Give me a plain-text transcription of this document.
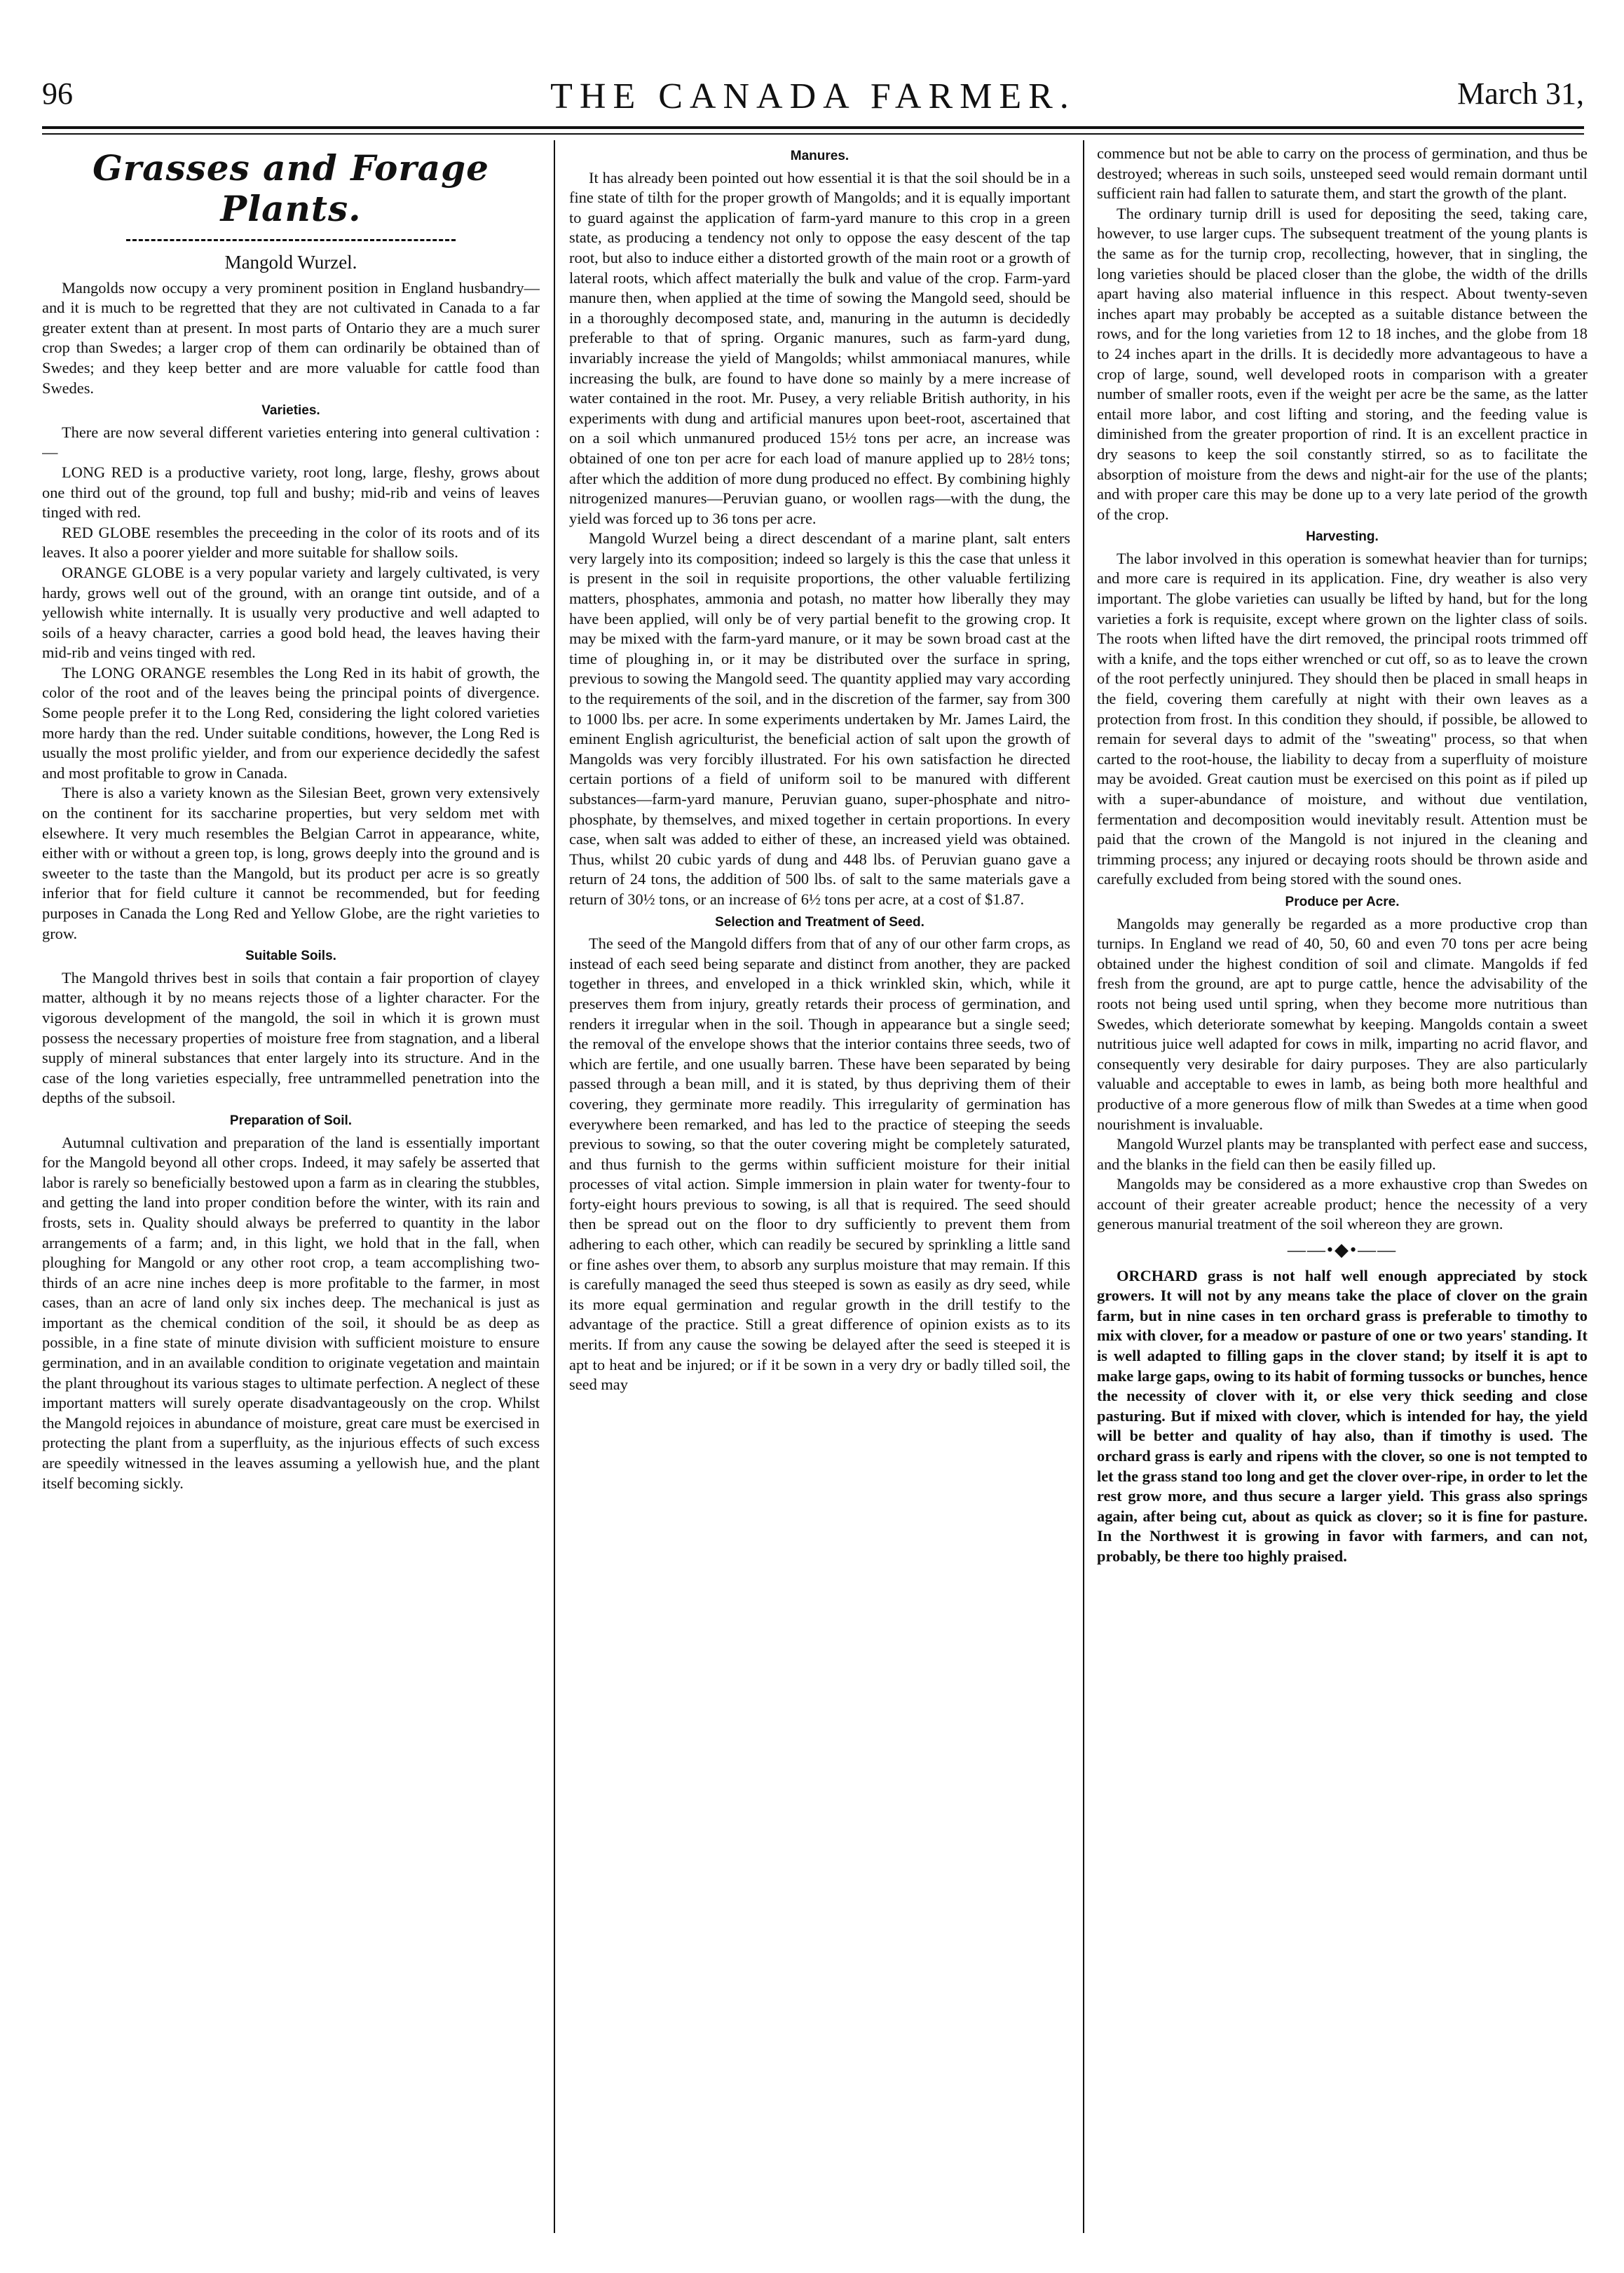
96	THE CANADA FARMER.	March 31,
Grasses and Forage Plants.
Mangold Wurzel.

Mangolds now occupy a very prominent position in England husbandry—and it is much to be regretted that they are not cultivated in Canada to a far greater extent than at present. In most parts of Ontario they are a much surer crop than Swedes; a larger crop of them can ordinarily be obtained than of Swedes; and they keep better and are more valuable for cattle food than Swedes.

Varieties.

There are now several different varieties entering into general cultivation :—

LONG RED is a productive variety, root long, large, fleshy, grows about one third out of the ground, top full and bushy; mid-rib and veins of leaves tinged with red.

RED GLOBE resembles the preceeding in the color of its roots and of its leaves. It also a poorer yielder and more suitable for shallow soils.

ORANGE GLOBE is a very popular variety and largely cultivated, is very hardy, grows well out of the ground, with an orange tint outside, and of a yellowish white internally. It is usually very productive and well adapted to soils of a heavy character, carries a good bold head, the leaves having their mid-rib and veins tinged with red.

The LONG ORANGE resembles the Long Red in its habit of growth, the color of the root and of the leaves being the principal points of divergence. Some people prefer it to the Long Red, considering the light colored varieties more hardy than the red. Under suitable conditions, however, the Long Red is usually the most prolific yielder, and from our experience decidedly the safest and most profitable to grow in Canada.

There is also a variety known as the Silesian Beet, grown very extensively on the continent for its saccharine properties, but very seldom met with elsewhere. It very much resembles the Belgian Carrot in appearance, white, either with or without a green top, is long, grows deeply into the ground and is sweeter to the taste than the Mangold, but its product per acre is so greatly inferior that for field culture it cannot be recommended, but for feeding purposes in Canada the Long Red and Yellow Globe, are the right varieties to grow.

Suitable Soils.

The Mangold thrives best in soils that contain a fair proportion of clayey matter, although it by no means rejects those of a lighter character. For the vigorous development of the mangold, the soil in which it is grown must possess the necessary properties of moisture free from stagnation, and a liberal supply of mineral substances that enter largely into its structure. And in the case of the long varieties especially, free untrammelled penetration into the depths of the subsoil.

Preparation of Soil.

Autumnal cultivation and preparation of the land is essentially important for the Mangold beyond all other crops. Indeed, it may safely be asserted that labor is rarely so beneficially bestowed upon a farm as in clearing the stubbles, and getting the land into proper condition before the winter, with its rain and frosts, sets in. Quality should always be preferred to quantity in the labor arrangements of a farm; and, in this light, we hold that in the fall, when ploughing for Mangold or any other root crop, a team accomplishing two-thirds of an acre nine inches deep is more profitable to the farmer, in most cases, than an acre of land only six inches deep. The mechanical is just as important as the chemical condition of the soil, it should be as deep as possible, in a fine state of minute division with sufficient moisture to ensure germination, and in an available condition to originate vegetation and maintain the plant throughout its various stages to ultimate perfection. A neglect of these important matters will surely operate disadvantageously on the crop. Whilst the Mangold rejoices in abundance of moisture, great care must be exercised in protecting the plant from a superfluity, as the injurious effects of such excess are speedily witnessed in the leaves assuming a yellowish hue, and the plant itself becoming sickly.

Manures.

It has already been pointed out how essential it is that the soil should be in a fine state of tilth for the proper growth of Mangolds; and it is equally important to guard against the application of farm-yard manure to this crop in a green state, as producing a tendency not only to oppose the easy descent of the tap root, but also to induce either a distorted growth of the main root or a growth of lateral roots, which affect materially the bulk and value of the crop. Farm-yard manure then, when applied at the time of sowing the Mangold seed, should be in a thoroughly decomposed state, and, manuring in the autumn is decidedly preferable to that of spring. Organic manures, such as farm-yard dung, invariably increase the yield of Mangolds; whilst ammoniacal manures, while increasing the bulk, are found to have done so mainly by a mere increase of water contained in the root. Mr. Pusey, a very reliable British authority, in his experiments with dung and artificial manures upon beet-root, ascertained that on a soil which unmanured produced 15½ tons per acre, an increase was obtained of one ton per acre for each load of manure applied up to 28½ tons; after which the addition of more dung produced no effect. By combining highly nitrogenized manures—Peruvian guano, or woollen rags—with the dung, the yield was forced up to 36 tons per acre.

Mangold Wurzel being a direct descendant of a marine plant, salt enters very largely into its composition; indeed so largely is this the case that unless it is present in the soil in requisite proportions, the other valuable fertilizing matters, phosphates, ammonia and potash, no matter how liberally they may have been applied, will only be of very partial benefit to the growing crop. It may be mixed with the farm-yard manure, or it may be sown broad cast at the time of ploughing in, or it may be distributed over the surface in spring, previous to sowing the Mangold seed. The quantity applied may vary according to the requirements of the soil, and in the discretion of the farmer, say from 300 to 1000 lbs. per acre. In some experiments undertaken by Mr. James Laird, the eminent English agriculturist, the beneficial action of salt upon the growth of Mangolds was very forcibly illustrated. For his own satisfaction he directed certain portions of a field of uniform soil to be manured with different substances—farm-yard manure, Peruvian guano, super-phosphate and nitro-phosphate, by themselves, and mixed together in certain proportions. In every case, when salt was added to either of these, an increased yield was obtained. Thus, whilst 20 cubic yards of dung and 448 lbs. of Peruvian guano gave a return of 24 tons, the addition of 500 lbs. of salt to the same materials gave a return of 30½ tons, or an increase of 6½ tons per acre, at a cost of $1.87.

Selection and Treatment of Seed.

The seed of the Mangold differs from that of any of our other farm crops, as instead of each seed being separate and distinct from another, they are packed together in threes, and enveloped in a thick wrinkled skin, which, while it preserves them from injury, greatly retards their process of germination, and renders it irregular when in the soil. Though in appearance but a single seed; the removal of the envelope shows that the interior contains three seeds, two of which are fertile, and one usually barren. These have been separated by being passed through a bean mill, and it is stated, by thus depriving them of their covering, they germinate more readily. This irregularity of germination has everywhere been remarked, and has led to the practice of steeping the seeds previous to sowing, so that the outer covering might be completely saturated, and thus furnish to the germs within sufficient moisture for their initial processes of vital action. Simple immersion in plain water for twenty-four to forty-eight hours previous to sowing, is all that is required. The seed should then be spread out on the floor to dry sufficiently to prevent them from adhering to each other, which can readily be secured by sprinkling a little sand or fine ashes over them, to absorb any surplus moisture that may remain. If this is carefully managed the seed thus steeped is sown as easily as dry seed, while its more equal germination and regular growth in the drill testify to the advantage of the practice. Still a great difference of opinion exists as to its merits. If from any cause the sowing be delayed after the seed is steeped it is apt to heat and be injured; or if it be sown in a very dry or badly tilled soil, the seed may

commence but not be able to carry on the process of germination, and thus be destroyed; whereas in such soils, unsteeped seed would remain dormant until sufficient rain had fallen to saturate them, and start the growth of the plant.

The ordinary turnip drill is used for depositing the seed, taking care, however, to use larger cups. The subsequent treatment of the young plants is the same as for the turnip crop, recollecting, however, that in singling, the long varieties should be placed closer than the globe, the width of the drills apart having also material influence in this respect. About twenty-seven inches apart may probably be accepted as a suitable distance between the rows, and for the long varieties from 12 to 18 inches, and the globe from 18 to 24 inches apart in the drills. It is decidedly more advantageous to have a crop of large, sound, well developed roots in comparison with a greater number of smaller roots, even if the weight per acre be the same, as the latter entail more labor, and cost lifting and storing, and the feeding value is diminished from the greater proportion of rind. It is an excellent practice in dry seasons to keep the soil constantly stirred, so as to facilitate the absorption of moisture from the dews and night-air for the use of the plants; and with proper care this may be done up to a very late period of the growth of the crop.

Harvesting.

The labor involved in this operation is somewhat heavier than for turnips; and more care is required in its application. Fine, dry weather is also very important. The globe varieties can usually be lifted by hand, but for the long varieties a fork is requisite, except where grown on the lighter class of soils. The roots when lifted have the dirt removed, the principal roots trimmed off with a knife, and the tops either wrenched or cut off, so as to leave the crown of the root perfectly uninjured. They should then be placed in small heaps in the field, covering them carefully at night with their own leaves as a protection from frost. In this condition they should, if possible, be allowed to remain for several days to admit of the "sweating" process, so that when carted to the root-house, the liability to decay from a superfluity of moisture may be avoided. Great caution must be exercised on this point as if piled up with a super-abundance of moisture, and without due ventilation, fermentation and decomposition would inevitably result. Attention must be paid that the crown of the Mangold is not injured in the cleaning and trimming process; any injured or decaying roots should be thrown aside and carefully excluded from being stored with the sound ones.

Produce per Acre.

Mangolds may generally be regarded as a more productive crop than turnips. In England we read of 40, 50, 60 and even 70 tons per acre being obtained under the highest condition of soil and climate. Mangolds if fed fresh from the ground, are apt to purge cattle, hence the advisability of the roots not being used until spring, when they become more nutritious than Swedes, which deteriorate somewhat by keeping. Mangolds contain a sweet nutritious juice well adapted for cows in milk, imparting no acrid flavor, and consequently very desirable for dairy purposes. They are also particularly valuable and acceptable to ewes in lamb, as being both more healthful and productive of a more generous flow of milk than Swedes at a time when good nourishment is invaluable.

Mangold Wurzel plants may be transplanted with perfect ease and success, and the blanks in the field can then be easily filled up.

Mangolds may be considered as a more exhaustive crop than Swedes on account of their greater acreable product; hence the necessity of a very generous manurial treatment of the soil whereon they are grown.

——•◆•——

ORCHARD grass is not half well enough appreciated by stock growers. It will not by any means take the place of clover on the grain farm, but in nine cases in ten orchard grass is preferable to timothy to mix with clover, for a meadow or pasture of one or two years' standing. It is well adapted to filling gaps in the clover stand; by itself it is apt to make large gaps, owing to its habit of forming tussocks or bunches, hence the necessity of clover with it, or else very thick seeding and close pasturing. But if mixed with clover, which is intended for hay, the yield will be better and quality of hay also, than if timothy is used. The orchard grass is early and ripens with the clover, so one is not tempted to let the grass stand too long and get the clover over-ripe, in order to let the rest grow more, and thus secure a larger yield. This grass also springs again, after being cut, about as quick as clover; so it is fine for pasture. In the Northwest it is growing in favor with farmers, and can not, probably, be there too highly praised.
